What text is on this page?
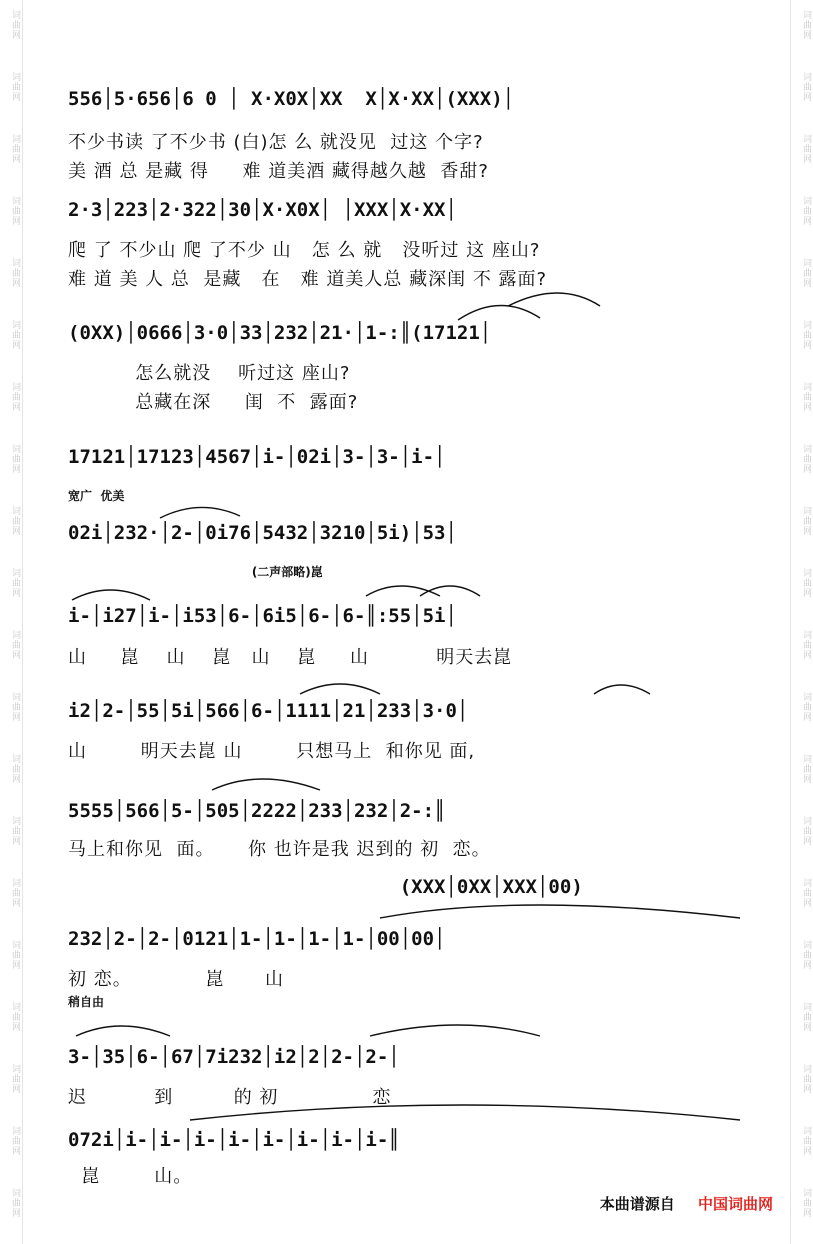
556│5·656│6 0 │ X·X0X│XX  X│X·XX│(XXX)│
不少书读 了不少书 (白)怎 么 就没见  过这 个字?
美 酒 总 是藏 得     难 道美酒 藏得越久越  香甜?
2·3│223│2·322│30│X·X0X│ │XXX│X·XX│
爬 了 不少山 爬 了不少 山   怎 么 就   没听过 这 座山?
难 道 美 人 总  是藏   在   难 道美人总 藏深闺 不 露面?
(0XX)│0666│3·0│33│232│21·│1-:║(17121│
怎么就没    听过这 座山?
总藏在深     闺  不  露面?
17121│17123│4567│i-│02i│3-│3-│i-│
宽广  优美
02i│232·│2-│0i76│5432│3210│5i)│53│
(二声部略)崑
i-│i27│i-│i53│6-│6i5│6-│6-║:55│5i│
山     崑    山    崑   山    崑     山          明天去崑
i2│2-│55│5i│566│6-│1111│21│233│3·0│
山        明天去崑 山        只想马上  和你见 面,
5555│566│5-│505│2222│233│232│2-:║
马上和你见  面。     你 也许是我 迟到的 初  恋。
(XXX│0XX│XXX│00)
232│2-│2-│0121│1-│1-│1-│1-│00│00│
初 恋。           崑      山
稍自由
3-│35│6-│67│7i232│i2│2│2-│2-│
迟          到         的 初              恋
072i│i-│i-│i-│i-│i-│i-│i-│i-║
崑        山。
本曲谱源自 中国词曲网
词曲网
词曲网
词曲网
词曲网
词曲网
词曲网
词曲网
词曲网
词曲网
词曲网
词曲网
词曲网
词曲网
词曲网
词曲网
词曲网
词曲网
词曲网
词曲网
词曲网
词曲网
词曲网
词曲网
词曲网
词曲网
词曲网
词曲网
词曲网
词曲网
词曲网
词曲网
词曲网
词曲网
词曲网
词曲网
词曲网
词曲网
词曲网
词曲网
词曲网
